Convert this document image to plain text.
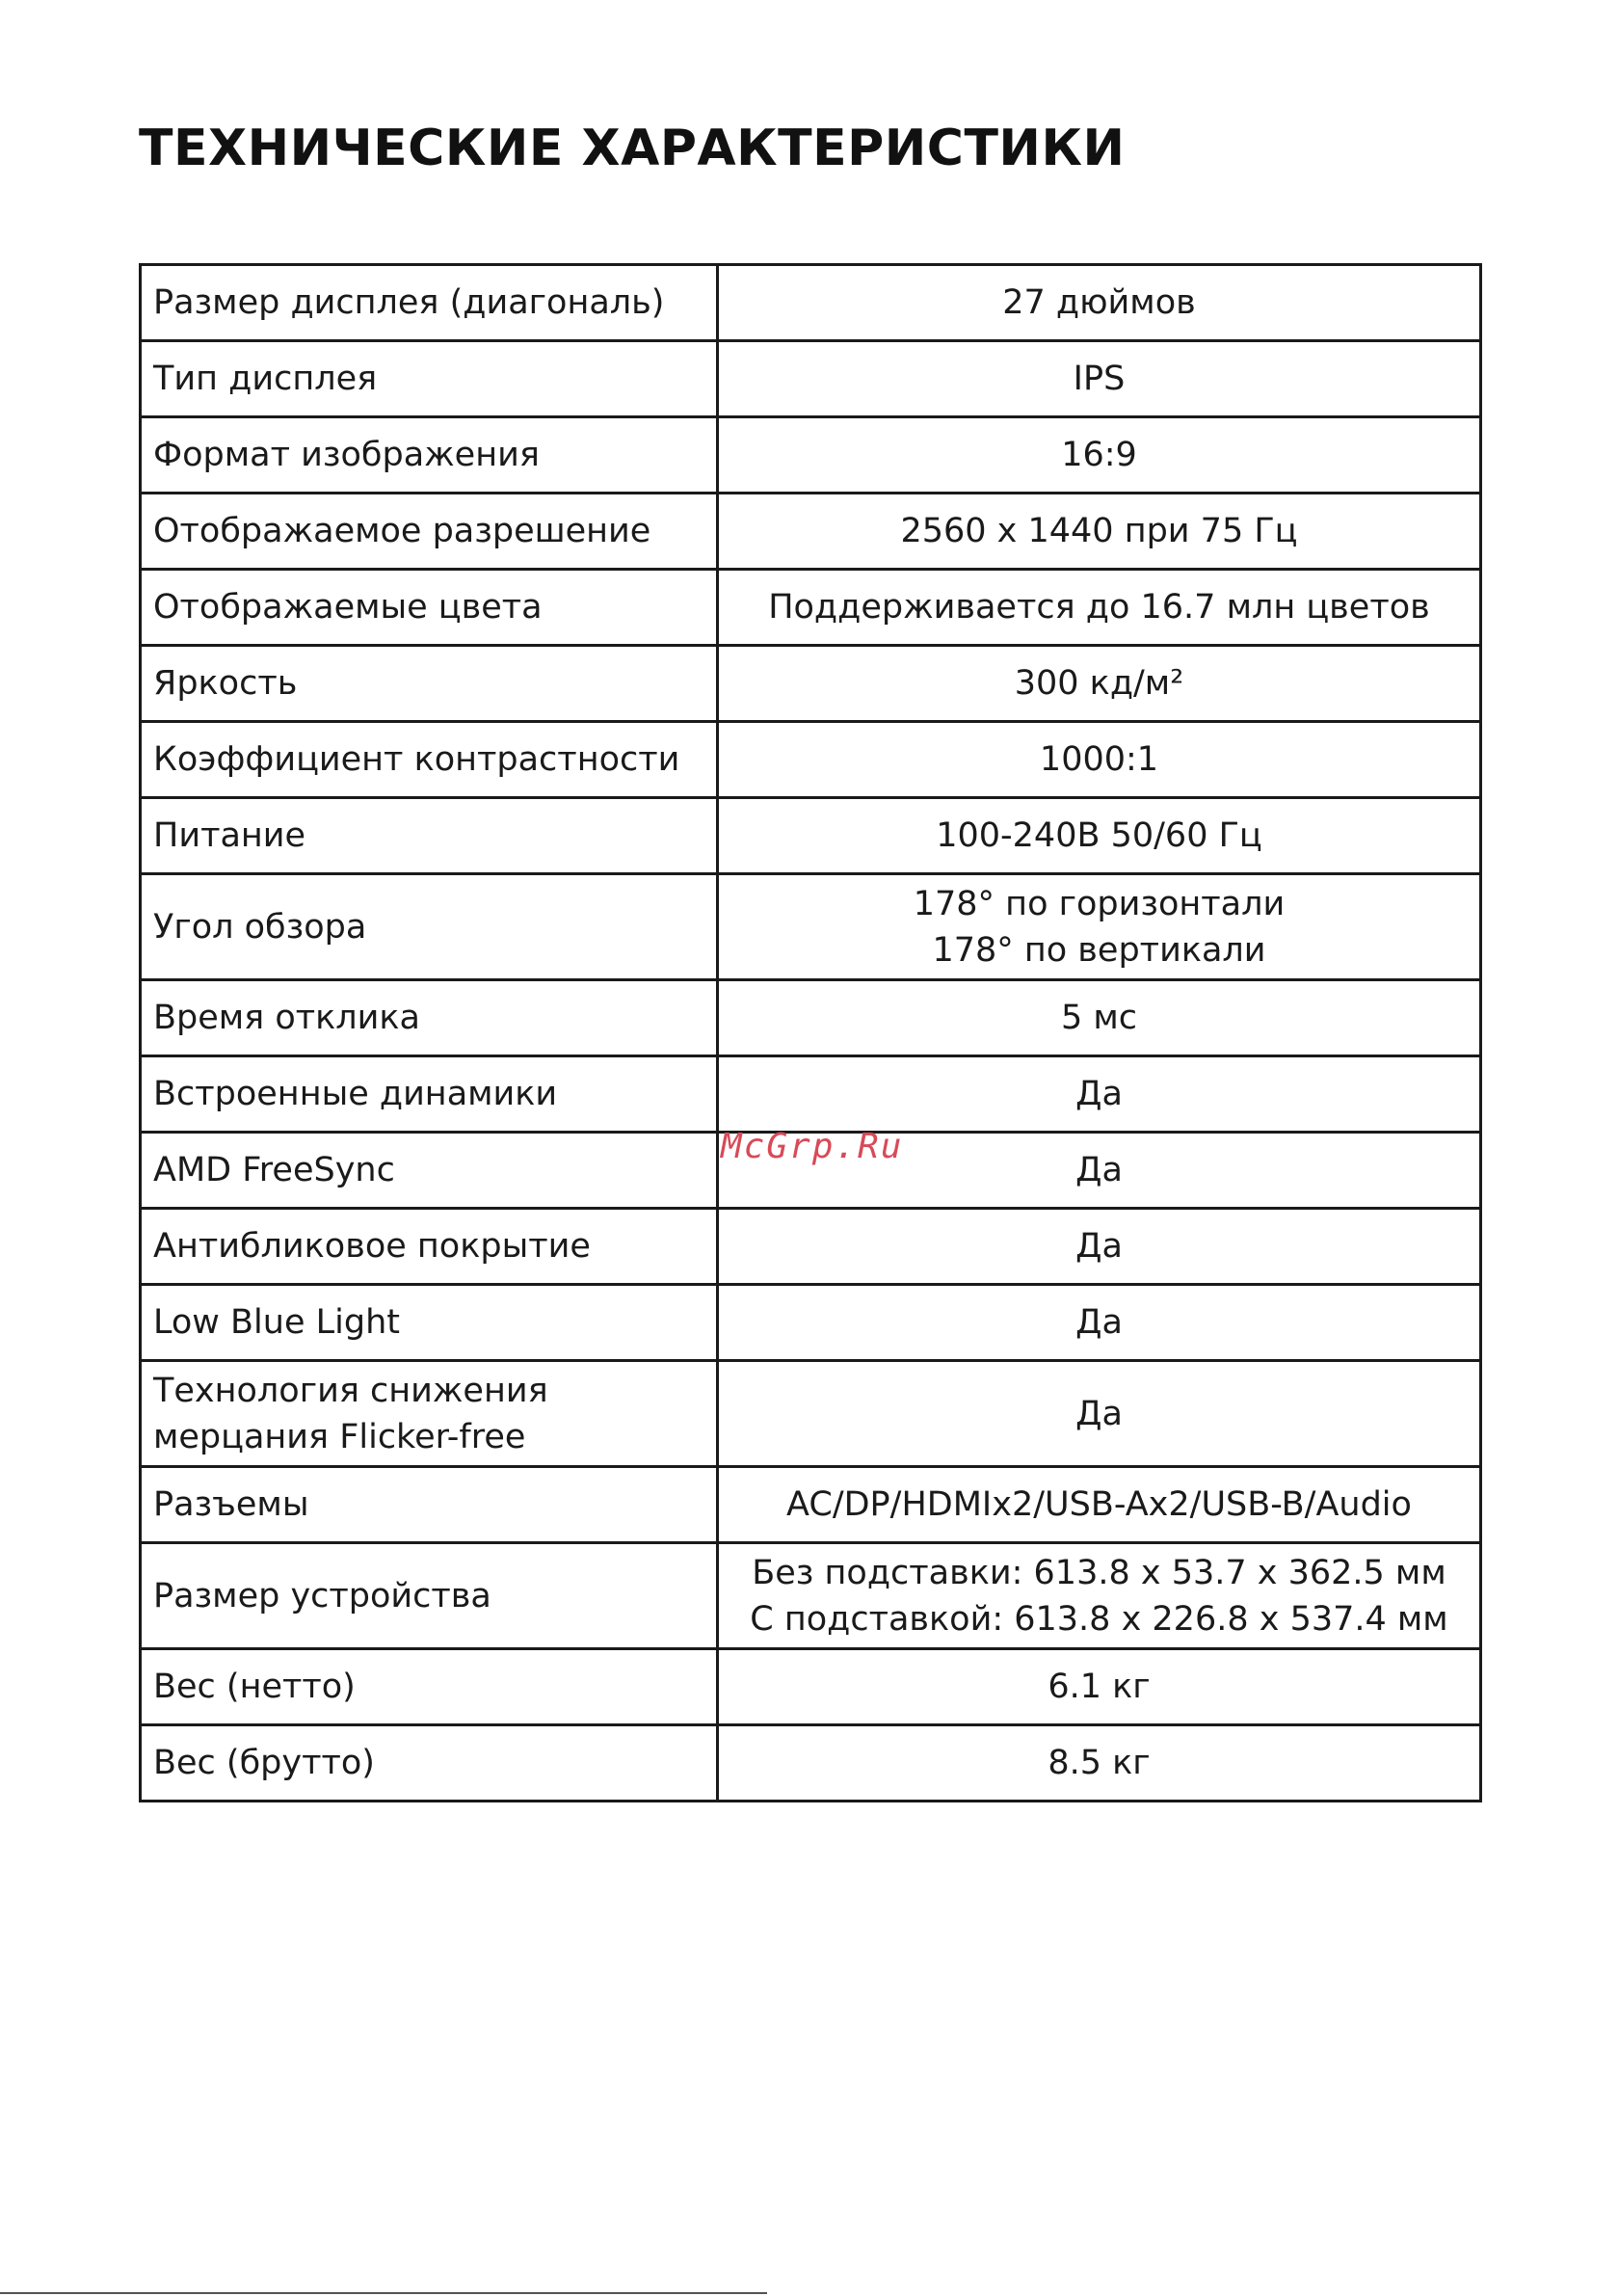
ТЕХНИЧЕСКИЕ ХАРАКТЕРИСТИКИ
Размер дисплея (диагональ)	27 дюймов
Тип дисплея	IPS
Формат изображения	16:9
Отображаемое разрешение	2560 x 1440 при 75 Гц
Отображаемые цвета	Поддерживается до 16.7 млн цветов
Яркость	300 кд/м²
Коэффициент контрастности	1000:1
Питание	100-240В 50/60 Гц
Угол обзора	178° по горизонтали
178° по вертикали

Время отклика	5 мс
Встроенные динамики	Да
AMD FreeSync	Да
Антибликовое покрытие	Да
Low Blue Light	Да

Технология снижения
мерцания Flicker-free	Да
Разъемы	AC/DP/HDMIx2/USB-Ax2/USB-B/Audio
Размер устройства	Без подставки: 613.8 x 53.7 x 362.5 мм
С подставкой: 613.8 x 226.8 x 537.4 мм

Вес (нетто)	6.1 кг
Вес (брутто)	8.5 кг
McGrp.Ru
